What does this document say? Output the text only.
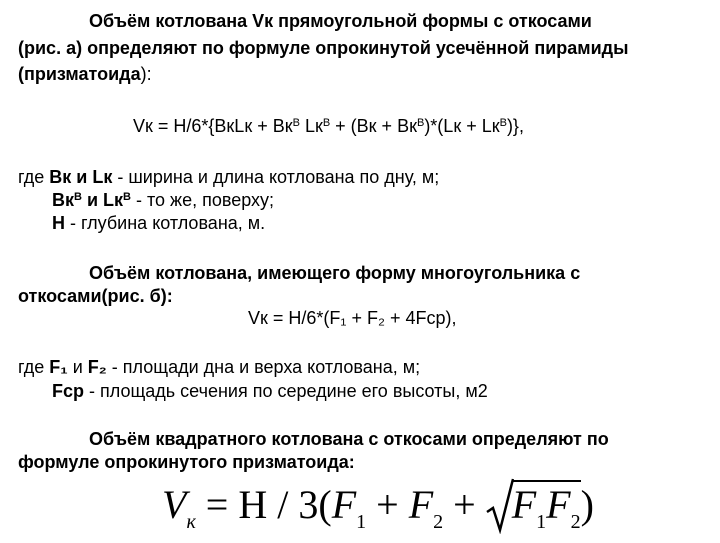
Объём котлована Vк прямоугольной формы с откосами
(рис. а) определяют по формуле опрокинутой усечённой пирамиды
(призматоида):
Vк = H/6*{ВкLк + $Вк^В$ $Lк^В + (Вк + Вк^В)*(Lк + Lк^В)$},
где Вк и Lк - ширина и длина котлована по дну, м;
$Вк^В$ и $Lк^В$ - то же, поверху;
Н - глубина котлована, м.
Объём котлована, имеющего форму многоугольника с
откосами(рис. б):
Vк = H/6*(F₁ + F₂ + 4Fср),
где F₁ и F₂ - площади дна и верха котлована, м;
Fср - площадь сечения по середине его высоты, м2
Объём квадратного котлована с откосами определяют по
формуле опрокинутого призматоида:
$V_к = H / 3(F_1 + F_2 + F_1F_2)$
